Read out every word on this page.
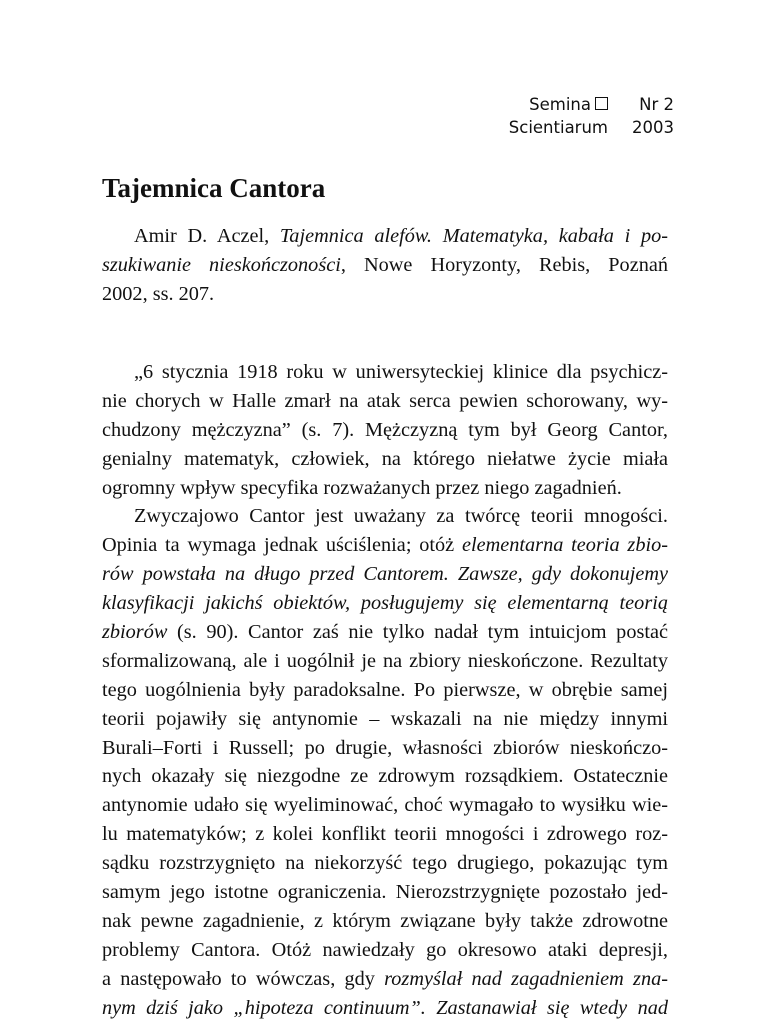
Semina	Nr 2
Scientiarum	2003
Tajemnica Cantora
Amir D. Aczel, Tajemnica alefów. Matematyka, kabała i po-
szukiwanie nieskończoności, Nowe Horyzonty, Rebis, Poznań
2002, ss. 207.
„6 stycznia 1918 roku w uniwersyteckiej klinice dla psychicz-
nie chorych w Halle zmarł na atak serca pewien schorowany, wy-
chudzony mężczyzna” (s. 7). Mężczyzną tym był Georg Cantor,
genialny matematyk, człowiek, na którego niełatwe życie miała
ogromny wpływ specyfika rozważanych przez niego zagadnień.
Zwyczajowo Cantor jest uważany za twórcę teorii mnogości.
Opinia ta wymaga jednak uściślenia; otóż elementarna teoria zbio-
rów powstała na długo przed Cantorem. Zawsze, gdy dokonujemy
klasyfikacji jakichś obiektów, posługujemy się elementarną teorią
zbiorów (s. 90). Cantor zaś nie tylko nadał tym intuicjom postać
sformalizowaną, ale i uogólnił je na zbiory nieskończone. Rezultaty
tego uogólnienia były paradoksalne. Po pierwsze, w obrębie samej
teorii pojawiły się antynomie – wskazali na nie między innymi
Burali–Forti i Russell; po drugie, własności zbiorów nieskończo-
nych okazały się niezgodne ze zdrowym rozsądkiem. Ostatecznie
antynomie udało się wyeliminować, choć wymagało to wysiłku wie-
lu matematyków; z kolei konflikt teorii mnogości i zdrowego roz-
sądku rozstrzygnięto na niekorzyść tego drugiego, pokazując tym
samym jego istotne ograniczenia. Nierozstrzygnięte pozostało jed-
nak pewne zagadnienie, z którym związane były także zdrowotne
problemy Cantora. Otóż nawiedzały go okresowo ataki depresji,
a następowało to wówczas, gdy rozmyślał nad zagadnieniem zna-
nym dziś jako „hipoteza continuum”. Zastanawiał się wtedy nad
